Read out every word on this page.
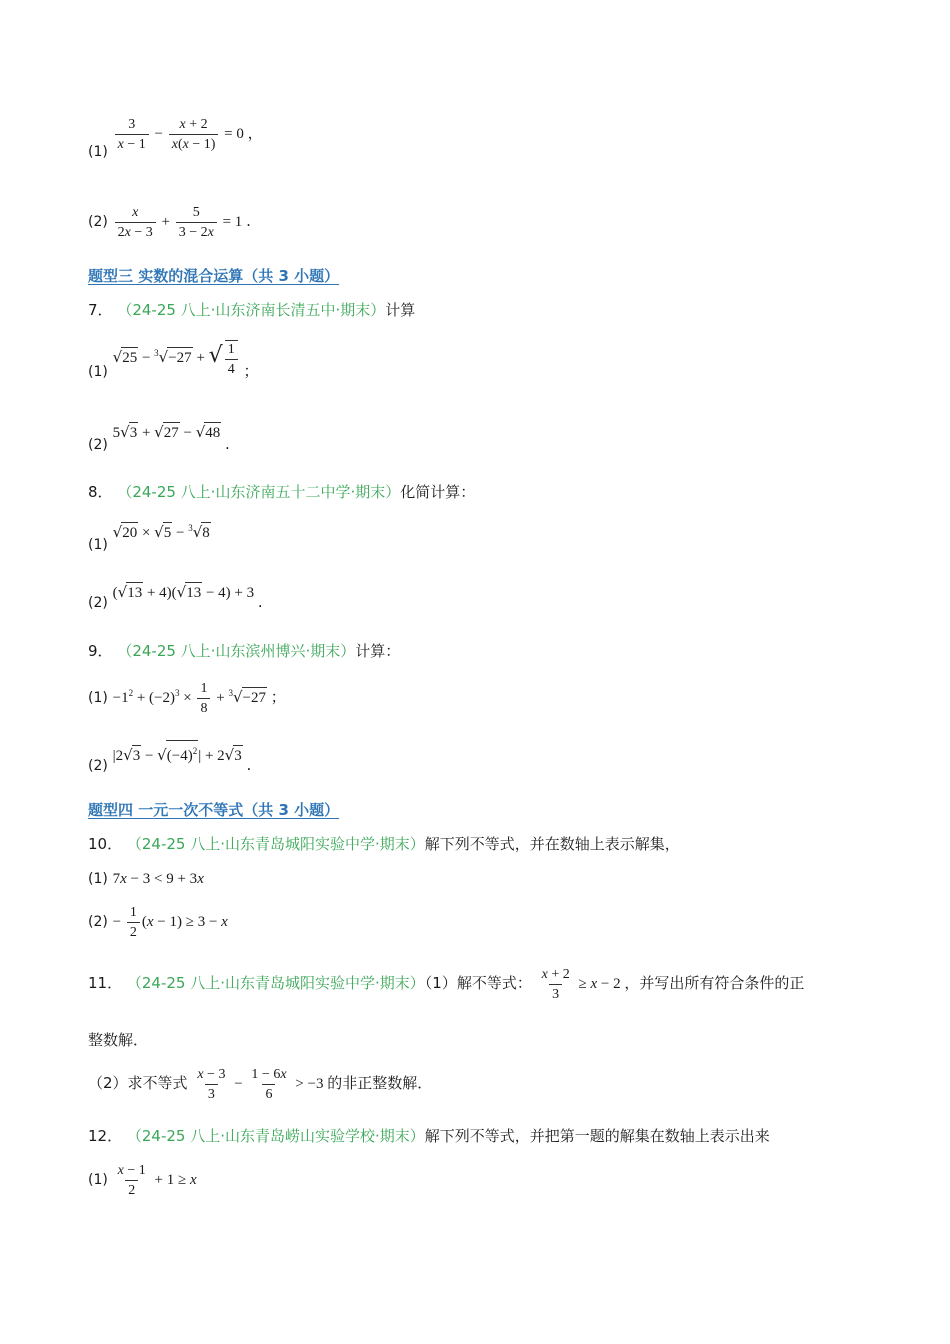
$(1) \frac{3}{x - 1} - \frac{x + 2}{x(x - 1)} = 0$ ，
$(2) \frac{x}{2x - 3} + \frac{5}{3 - 2x} = 1$ .
题型三 实数的混合运算（共 3 小题）
7． （24-25 八上·山东济南长清五中·期末）计算
(1) √25 − $^3$√−27 + √ $\frac{1}{4}$ ；
(2) 5√3 + √27 − √48 .
8． （24-25 八上·山东济南五十二中学·期末）化简计算：
(1) √20 × √5 − $^3$√8
(2) (√13 + 4)(√13 − 4) + 3 .
9． （24-25 八上·山东滨州博兴·期末）计算：
$(1) -1^2 + (-2)^3 \times \frac{1}{8} + ^3√-27$ ；
(2) $|2√3 - √(-4)^2| + 2√3$ .
题型四 一元一次不等式（共 3 小题）
10． （24-25 八上·山东青岛城阳实验中学·期末）解下列不等式，并在数轴上表示解集，
(1) 7x − 3 < 9 + 3x
$(2) - \frac{1}{2} (x - 1) \ge 3 - x$
11． （24-25 八上·山东青岛城阳实验中学·期末）（1）解不等式： $\frac{x + 2}{3} \ge x - 2$ ，并写出所有符合条件的正
整数解．
（2）求不等式 $\frac{x - 3}{3} - \frac{1 - 6x}{6} > -3$ 的非正整数解．
12． （24-25 八上·山东青岛崂山实验学校·期末）解下列不等式，并把第一题的解集在数轴上表示出来
$(1) \frac{x - 1}{2} + 1 \ge x$
